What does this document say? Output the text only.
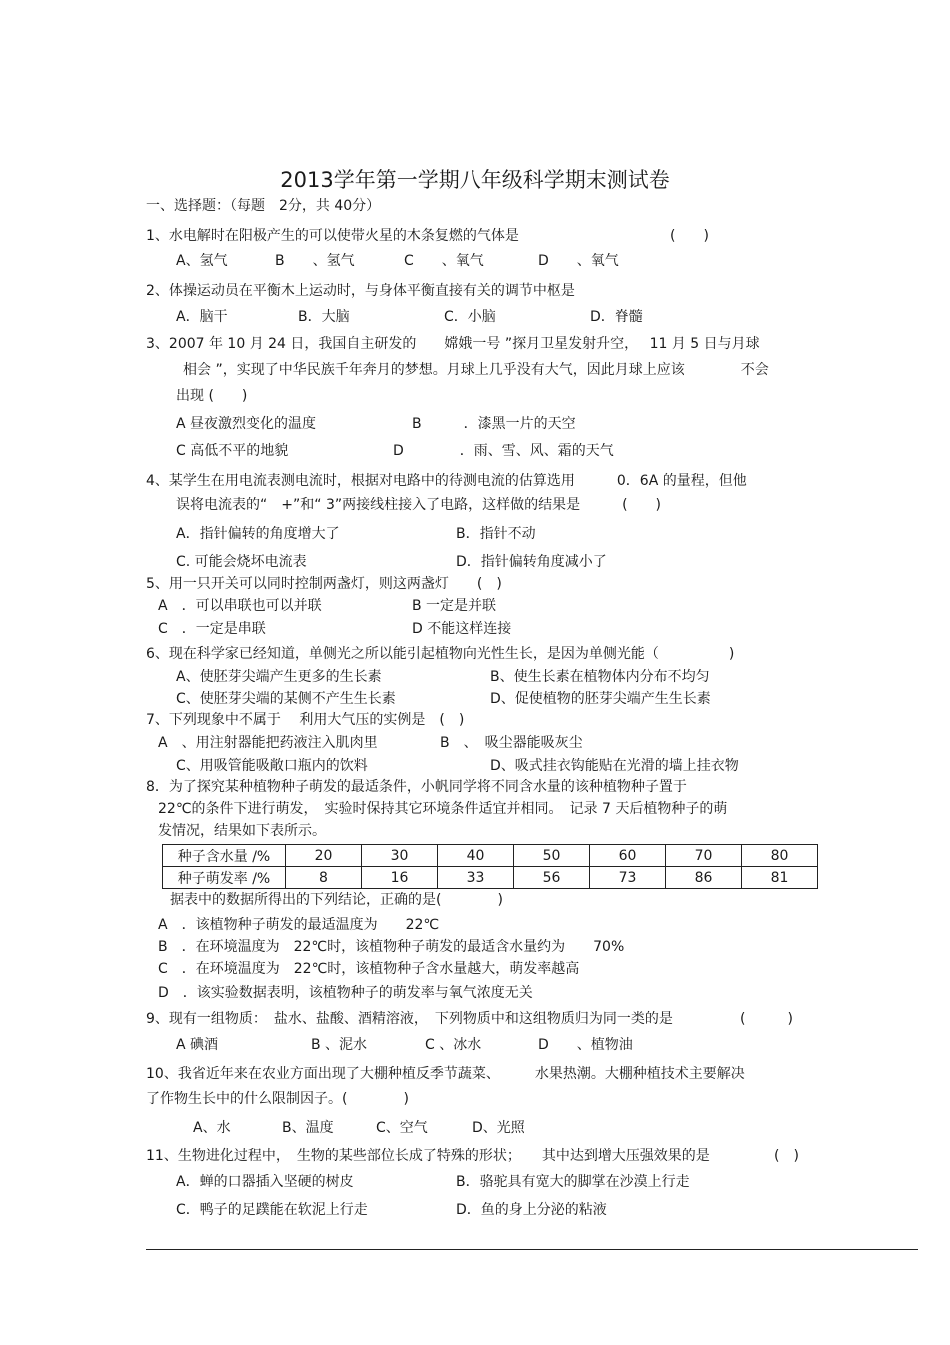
2013学年第一学期八年级科学期末测试卷
一、选择题：（每题　2分，共 40分）
1、水电解时在阳极产生的可以使带火星的木条复燃的气体是	(　　)
A、氢气	B　　、氢气	C　　、氧气	D　　、氧气
2、体操运动员在平衡木上运动时，与身体平衡直接有关的调节中枢是
A．脑干	B．大脑	C．小脑	D．脊髓
3、2007 年 10 月 24 日，我国自主研发的　　嫦娥一号 ”探月卫星发射升空，　 11 月 5 日与月球
相会 ”，实现了中华民族千年奔月的梦想。月球上几乎没有大气，因此月球上应该　　　　不会
出现 (　　)
A 昼夜激烈变化的温度	B　　　．漆黑一片的天空
C 高低不平的地貌	D　　　　．雨、雪、风、霜的天气
4、某学生在用电流表测电流时，根据对电路中的待测电流的估算选用　　　0．6A 的量程，但他
误将电流表的“　+”和“ 3”两接线柱接入了电路，这样做的结果是　　　(　　)
A．指针偏转的角度增大了	B．指针不动
C. 可能会烧坏电流表	D．指针偏转角度减小了
5、用一只开关可以同时控制两盏灯，则这两盏灯　　(　)
A　．可以串联也可以并联	B 一定是并联
C　．一定是串联	D 不能这样连接
6、现在科学家已经知道，单侧光之所以能引起植物向光性生长，是因为单侧光能（　　　　　)
A、使胚芽尖端产生更多的生长素	B、使生长素在植物体内分布不均匀
C、使胚芽尖端的某侧不产生生长素	D、促使植物的胚芽尖端产生生长素
7、下列现象中不属于　 利用大气压的实例是　(　)
A　、用注射器能把药液注入肌肉里	B　、　吸尘器能吸灰尘
C、用吸管能吸敞口瓶内的饮料	D、吸式挂衣钩能贴在光滑的墙上挂衣物
8．为了探究某种植物种子萌发的最适条件，小帆同学将不同含水量的该种植物种子置于
22℃的条件下进行萌发，　实验时保持其它环境条件适宜并相同。　记录 7 天后植物种子的萌
发情况，结果如下表所示。
种子含水量 /%	20	30	40	50	60	70	80
种子萌发率 /%	8	16	33	56	73	86	81
据表中的数据所得出的下列结论，正确的是(　　　　)
A　．该植物种子萌发的最适温度为　　22℃
B　．在环境温度为　22℃时，该植物种子萌发的最适含水量约为　　70%
C　．在环境温度为　22℃时，该植物种子含水量越大，萌发率越高
D　．该实验数据表明，该植物种子的萌发率与氧气浓度无关
9、现有一组物质：　盐水、盐酸、酒精溶液，　下列物质中和这组物质归为同一类的是	(　　　)
A 碘酒	B 、泥水	C 、冰水	D　　、植物油
10、我省近年来在农业方面出现了大棚种植反季节蔬菜、　　　水果热潮。大棚种植技术主要解决
了作物生长中的什么限制因子。(　　　　)
A、水	B、温度	C、空气	D、光照
11、生物进化过程中，　生物的某些部位长成了特殊的形状；　　其中达到增大压强效果的是	(　)
A．蝉的口器插入坚硬的树皮	B．骆驼具有宽大的脚掌在沙漠上行走
C．鸭子的足蹼能在软泥上行走	D．鱼的身上分泌的粘液
